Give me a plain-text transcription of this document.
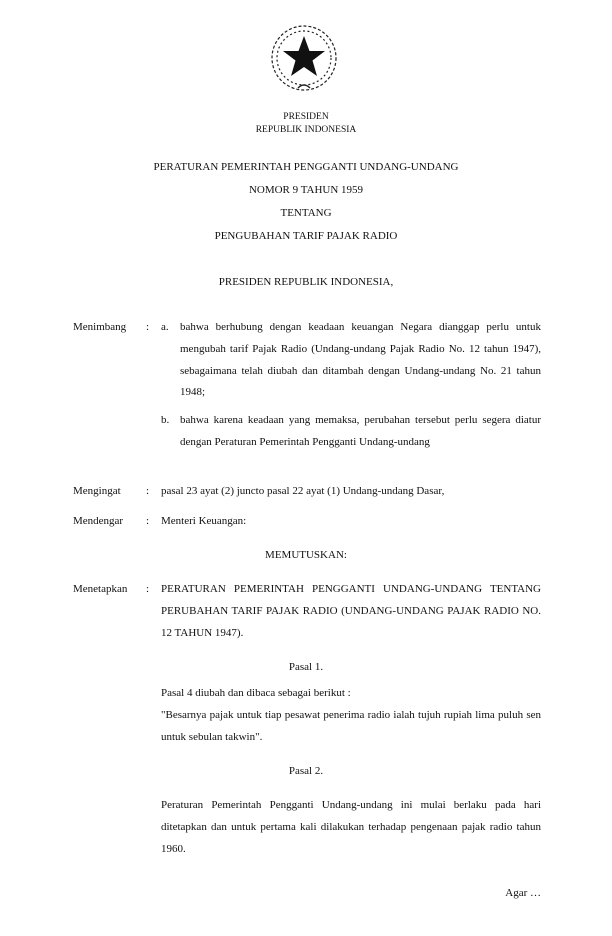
PRESIDEN
REPUBLIK INDONESIA
PERATURAN PEMERINTAH PENGGANTI UNDANG-UNDANG
NOMOR 9 TAHUN 1959
TENTANG
PENGUBAHAN TARIF PAJAK RADIO
PRESIDEN REPUBLIK INDONESIA,
Menimbang : a. bahwa berhubung dengan keadaan keuangan Negara dianggap perlu untuk mengubah tarif Pajak Radio (Undang-undang Pajak Radio No. 12 tahun 1947), sebagaimana telah diubah dan ditambah dengan Undang-undang No. 21 tahun 1948;
b. bahwa karena keadaan yang memaksa, perubahan tersebut perlu segera diatur dengan Peraturan Pemerintah Pengganti Undang-undang
Mengingat : pasal 23 ayat (2) juncto pasal 22 ayat (1) Undang-undang Dasar,
Mendengar : Menteri Keuangan:
MEMUTUSKAN:
Menetapkan : PERATURAN PEMERINTAH PENGGANTI UNDANG-UNDANG TENTANG PERUBAHAN TARIF PAJAK RADIO (UNDANG-UNDANG PAJAK RADIO NO. 12 TAHUN 1947).
Pasal 1.
Pasal 4 diubah dan dibaca sebagai berikut :
"Besarnya pajak untuk tiap pesawat penerima radio ialah tujuh rupiah lima puluh sen untuk sebulan takwin".
Pasal 2.
Peraturan Pemerintah Pengganti Undang-undang ini mulai berlaku pada hari ditetapkan dan untuk pertama kali dilakukan terhadap pengenaan pajak radio tahun 1960.
Agar …
